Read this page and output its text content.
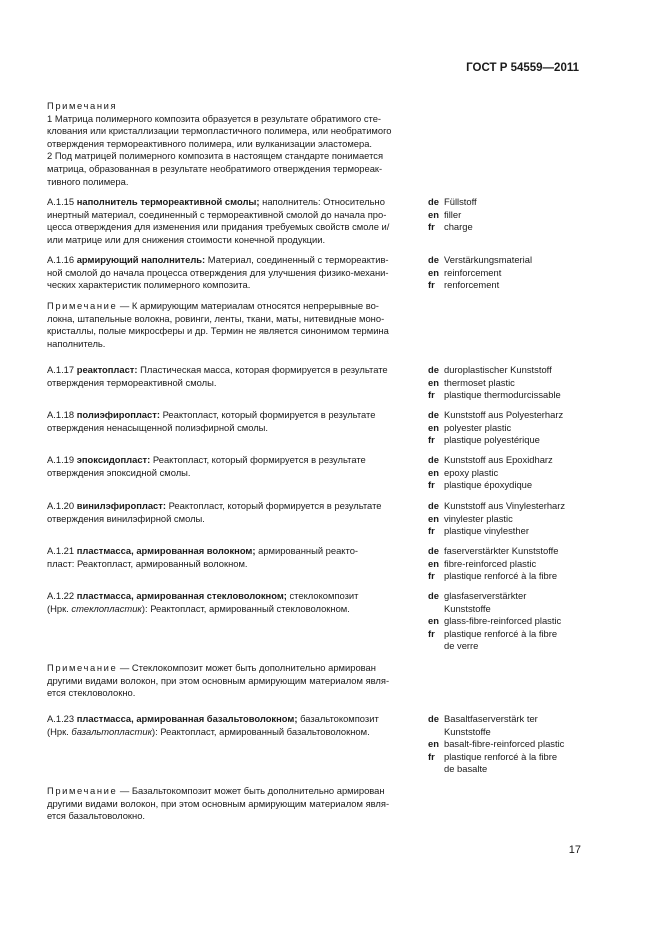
ГОСТ Р 54559—2011

Примечания

1 Матрица полимерного композита образуется в результате обратимого сте-

клования или кристаллизации термопластичного полимера, или необратимого

отверждения термореактивного полимера, или вулканизации эластомера.

2 Под матрицей полимерного композита в настоящем стандарте понимается

матрица, образованная в результате необратимого отверждения термореак-

тивного полимера.

А.1.15 наполнитель термореактивной смолы; наполнитель: Относительно

инертный материал, соединенный с термореактивной смолой до начала про-

цесса отверждения для изменения или придания требуемых свойств смоле и/

или матрице или для снижения стоимости конечной продукции.

de Füllstoff
en filler
fr charge

А.1.16 армирующий наполнитель: Материал, соединенный с термореактив-

ной смолой до начала процесса отверждения для улучшения физико-механи-

ческих характеристик полимерного композита.

de Verstärkungsmaterial
en reinforcement
fr renforcement

Примечание — К армирующим материалам относятся непрерывные во-

локна, штапельные волокна, ровинги, ленты, ткани, маты, нитевидные моно-

кристаллы, полые микросферы и др. Термин не является синонимом термина

наполнитель.

А.1.17 реактопласт: Пластическая масса, которая формируется в результате

отверждения термореактивной смолы.

de duroplastischer Kunststoff
en thermoset plastic
fr plastique thermodurcissable

А.1.18 полиэфиропласт: Реактопласт, который формируется в результате

отверждения ненасыщенной полиэфирной смолы.

de Kunststoff aus Polyesterharz
en polyester plastic
fr plastique polyestérique

А.1.19 эпоксидопласт: Реактопласт, который формируется в результате

отверждения эпоксидной смолы.

de Kunststoff aus Epoxidharz
en epoxy plastic
fr plastique époxydique

А.1.20 винилэфиропласт: Реактопласт, который формируется в результате

отверждения винилэфирной смолы.

de Kunststoff aus Vinylesterharz
en vinylester plastic
fr plastique vinylesther

А.1.21 пластмасса, армированная волокном; армированный реакто-

пласт: Реактопласт, армированный волокном.

de faserverstärkter Kunststoffe
en fibre-reinforced plastic
fr plastique renforcé à la fibre

А.1.22 пластмасса, армированная стекловолокном; стеклокомпозит

(Нрк. стеклопластик): Реактопласт, армированный стекловолокном.

de glasfaserverstärkter
Kunststoffe
en glass-fibre-reinforced plastic
fr plastique renforcé à la fibre
de verre

Примечание — Стеклокомпозит может быть дополнительно армирован

другими видами волокон, при этом основным армирующим материалом явля-

ется стекловолокно.

А.1.23 пластмасса, армированная базальтоволокном; базальтокомпозит

(Нрк. базальтопластик): Реактопласт, армированный базальтоволокном.

de Basaltfaserverstärk ter
Kunststoffe
en basalt-fibre-reinforced plastic
fr plastique renforcé à la fibre
de basalte

Примечание — Базальтокомпозит может быть дополнительно армирован

другими видами волокон, при этом основным армирующим материалом явля-

ется базальтоволокно.

17
